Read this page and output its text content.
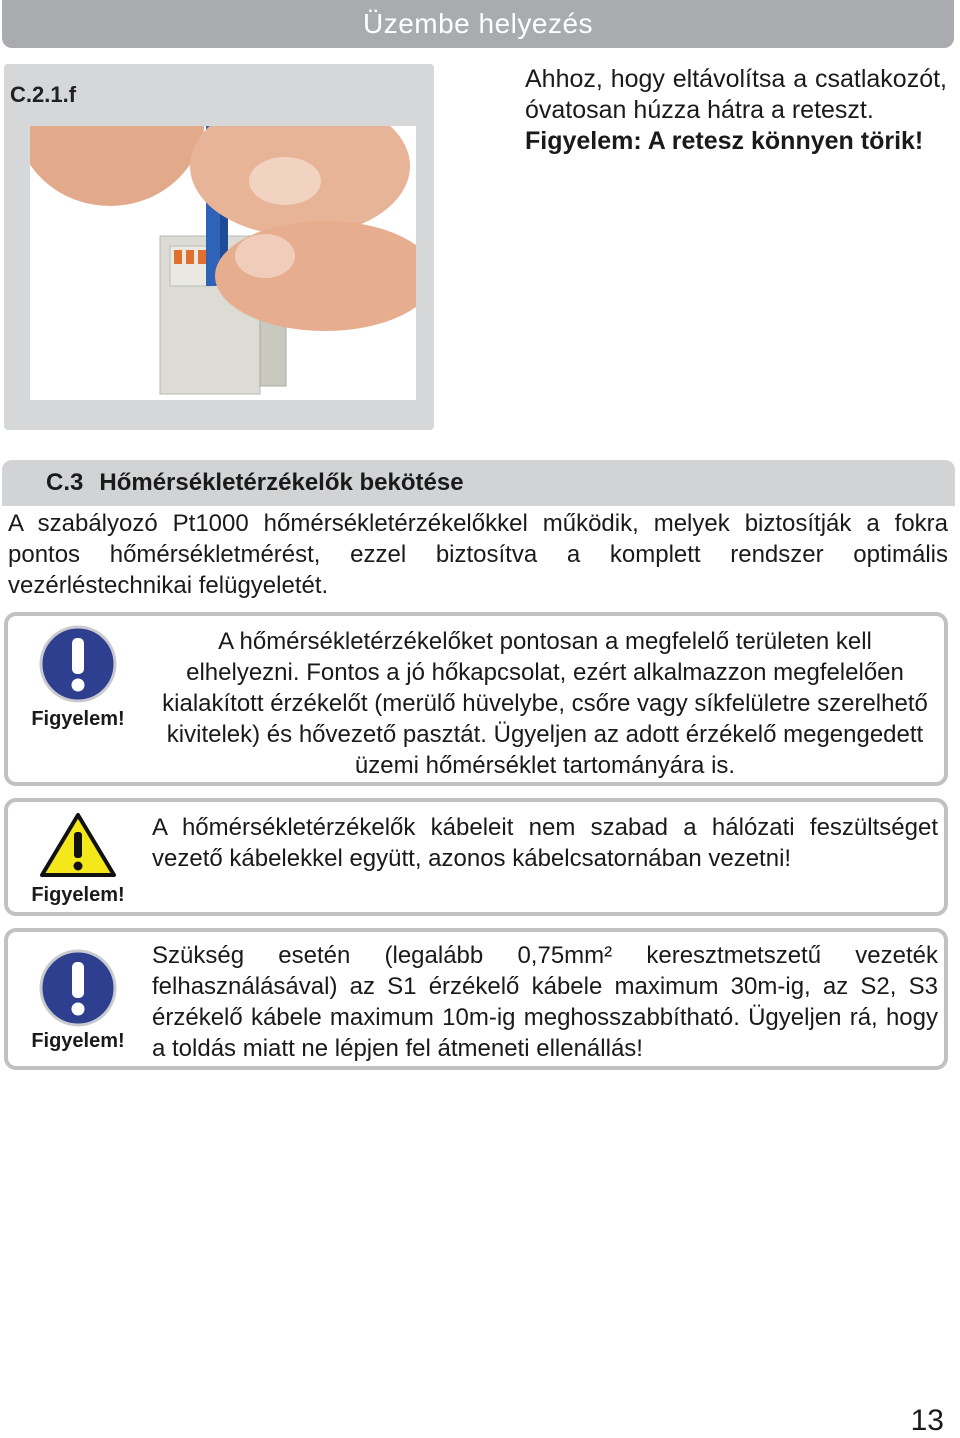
Üzembe helyezés
C.2.1.f

Ahhoz, hogy eltávolítsa a csatlakozót, óvatosan húzza hátra a reteszt.

Figyelem: A retesz könnyen törik!

C.3 Hőmérsékletérzékelők bekötése

A szabályozó Pt1000 hőmérsékletérzékelőkkel működik, melyek biztosítják a fokra pontos hőmérsékletmérést, ezzel biztosítva a komplett rendszer optimális vezérléstechnikai felügyeletét.

Figyelem!

A hőmérsékletérzékelőket pontosan a megfelelő területen kell elhelyezni. Fontos a jó hőkapcsolat, ezért alkalmazzon megfelelően kialakított érzékelőt (merülő hüvelybe, csőre vagy síkfelületre szerelhető kivitelek) és hővezető pasztát. Ügyeljen az adott érzékelő megengedett üzemi hőmérséklet tartományára is.

Figyelem!

A hőmérsékletérzékelők kábeleit nem szabad a hálózati feszültséget vezető kábelekkel együtt, azonos kábelcsatornában vezetni!

Figyelem!

Szükség esetén (legalább 0,75mm² keresztmetszetű vezeték felhasználásával) az S1 érzékelő kábele maximum 30m-ig, az S2, S3 érzékelő kábele maximum 10m-ig meghosszabbítható. Ügyeljen rá, hogy a toldás miatt ne lépjen fel átmeneti ellenállás!

13
